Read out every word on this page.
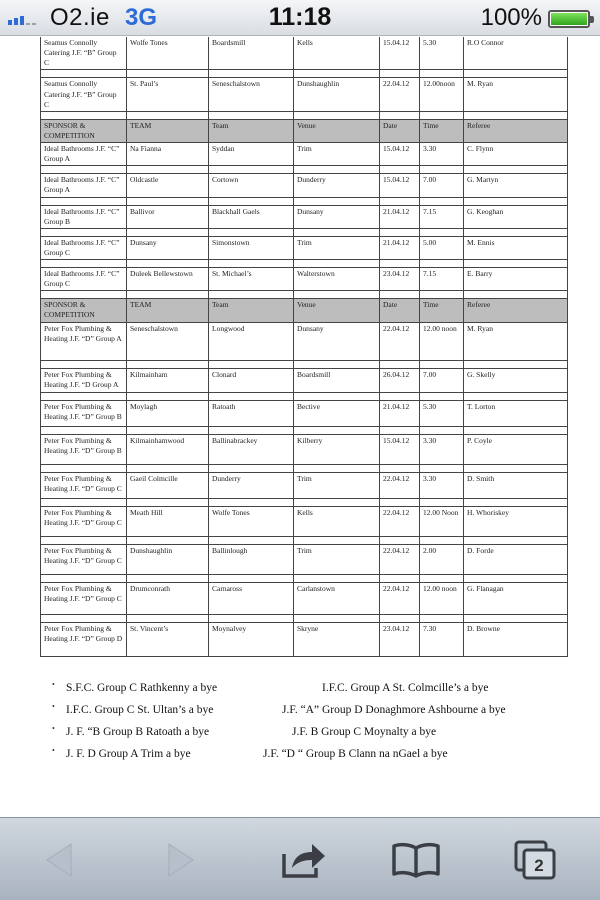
O2.ie 3G	11:18	100%
Seamus Connolly Catering J.F. “B” Group C	Wolfe Tones	Boardsmill	Kells	15.04.12	5.30	R.O Connor

Seamus Connolly Catering J.F. “B” Group C	St. Paul’s	Seneschalstown	Dunshaughlin	22.04.12	12.00noon	M. Ryan

SPONSOR & COMPETITION	TEAM	Team	Venue	Date	Time	Referee
Ideal Bathrooms J.F. “C” Group A	Na Fianna	Syddan	Trim	15.04.12	3.30	C. Flynn

Ideal Bathrooms J.F. “C” Group A	Oldcastle	Cortown	Dunderry	15.04.12	7.00	G. Martyn

Ideal Bathrooms J.F. “C” Group B	Ballivor	Blackhall Gaels	Dunsany	21.04.12	7.15	G. Keoghan

Ideal Bathrooms J.F. “C” Group C	Dunsany	Simonstown	Trim	21.04.12	5.00	M. Ennis

Ideal Bathrooms J.F. “C” Group C	Duleek Bellewstown	St. Michael’s	Walterstown	23.04.12	7.15	E. Barry

SPONSOR & COMPETITION	TEAM	Team	Venue	Date	Time	Referee
Peter Fox Plumbing & Heating J.F. “D” Group A	Seneschalstown	Longwood	Dunsany	22.04.12	12.00 noon	M. Ryan

Peter Fox Plumbing & Heating J.F. “D Group A	Kilmainham	Clonard	Boardsmill	26.04.12	7.00	G. Skelly

Peter Fox Plumbing & Heating J.F. “D” Group B	Moylagh	Ratoath	Bective	21.04.12	5.30	T. Lorton

Peter Fox Plumbing & Heating J.F. “D” Group B	Kilmainhamwood	Ballinabrackey	Kilberry	15.04.12	3.30	P. Coyle

Peter Fox Plumbing & Heating J.F. “D” Group C	Gaeil Colmcille	Dunderry	Trim	22.04.12	3.30	D. Smith

Peter Fox Plumbing & Heating J.F. “D” Group C	Meath Hill	Wolfe Tones	Kells	22.04.12	12.00 Noon	H. Whoriskey

Peter Fox Plumbing & Heating J.F. “D” Group C	Dunshaughlin	Ballinlough	Trim	22.04.12	2.00	D. Forde

Peter Fox Plumbing & Heating J.F. “D” Group C	Drumconrath	Carnaross	Carlanstown	22.04.12	12.00 noon	G. Flanagan

Peter Fox Plumbing & Heating J.F. “D” Group D	St. Vincent’s	Moynalvey	Skryne	23.04.12	7.30	D. Browne
• S.F.C. Group C Rathkenny a bye	I.F.C. Group A St. Colmcille’s a bye
• I.F.C. Group C St. Ultan’s a bye	J.F. “A” Group D Donaghmore Ashbourne a bye
• J. F. “B Group B Ratoath a bye	J.F. B Group C Moynalty a bye
• J. F. D Group A Trim a bye	J.F. “D “ Group B Clann na nGael a bye
2
